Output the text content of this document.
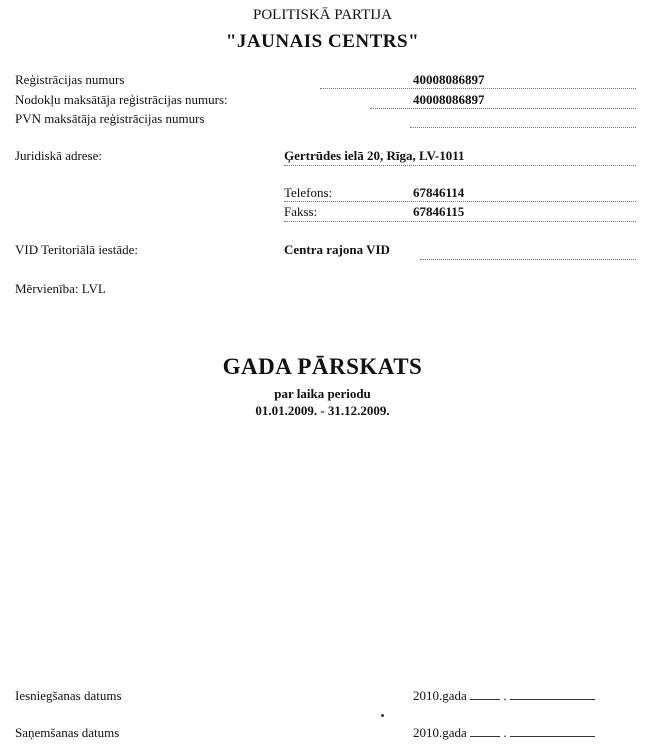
POLITISKĀ PARTIJA
"JAUNAIS CENTRS"
Reģistrācijas numurs	40008086897
Nodokļu maksātāja reģistrācijas numurs:	40008086897
PVN maksātāja reģistrācijas numurs
Juridiskā adrese:	Ģertrūdes ielā 20, Rīga, LV-1011
Telefons:	67846114
Fakss:	67846115
VID Teritoriālā iestāde:	Centra rajona VID
Mērvienība: LVL
GADA PĀRSKATS
par laika periodu
01.01.2009. - 31.12.2009.
Iesniegšanas datums	2010.gada	.
Saņemšanas datums	2010.gada	.
